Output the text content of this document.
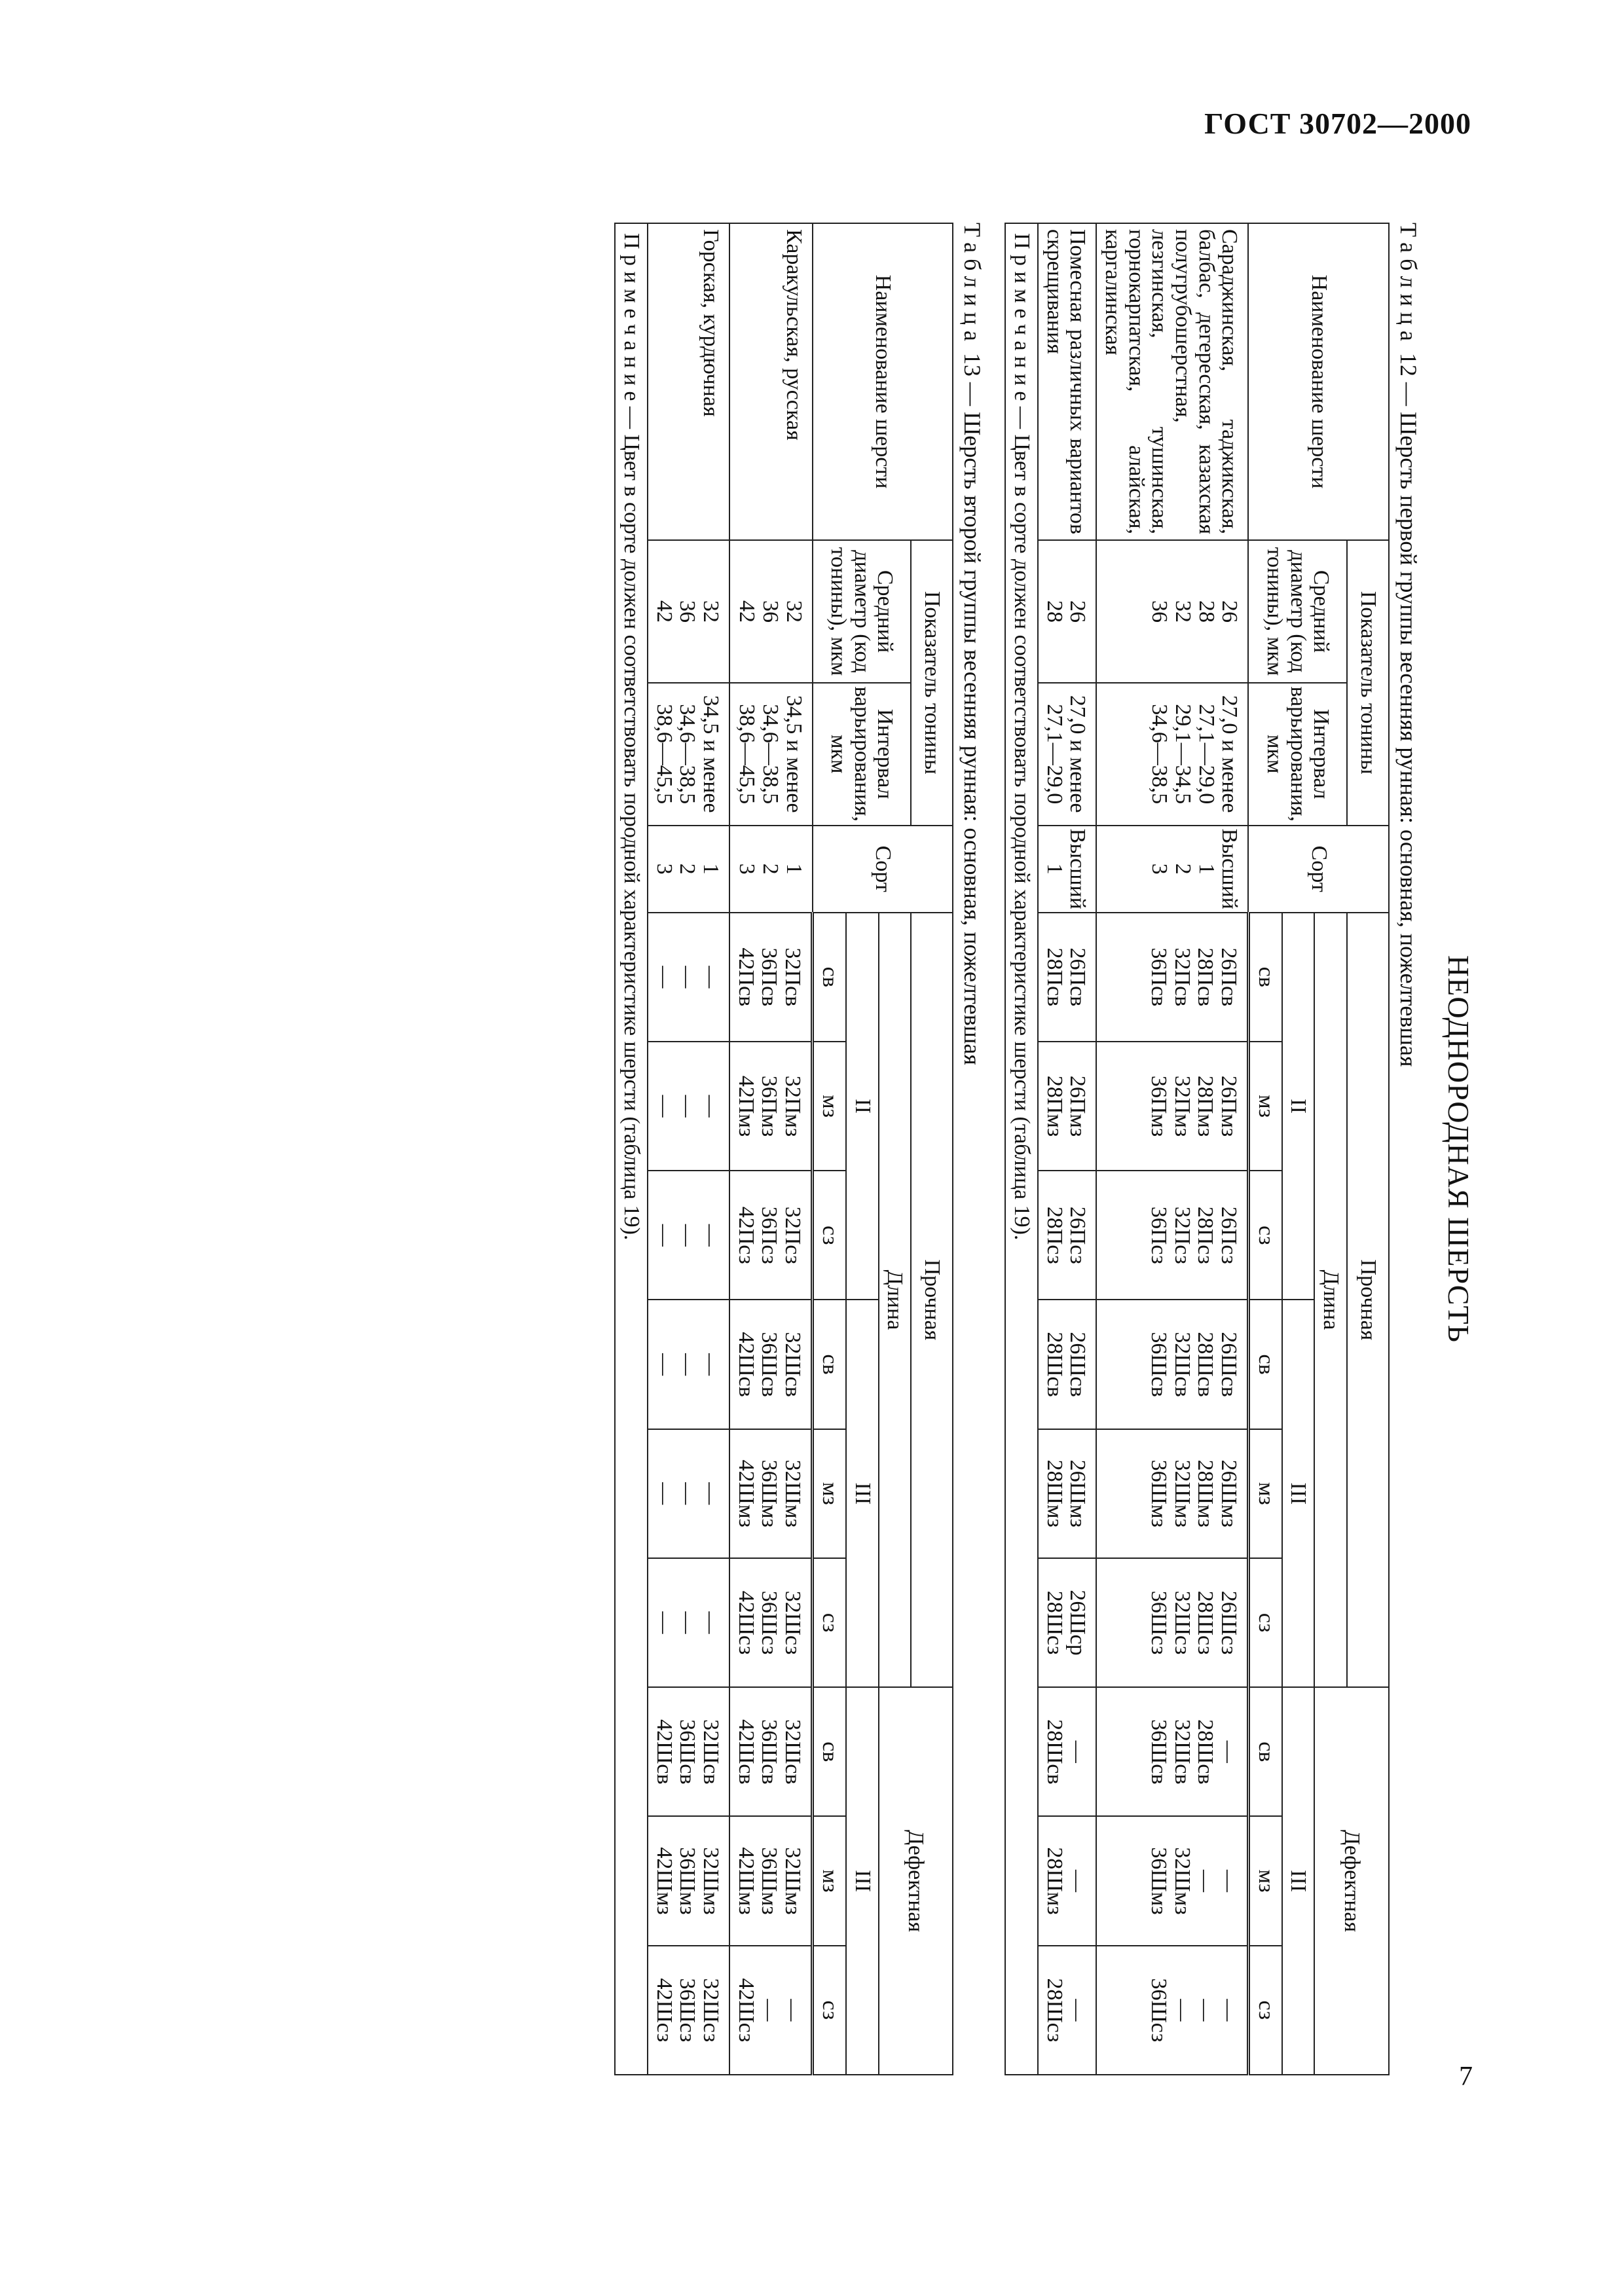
ГОСТ 30702—2000
НЕОДНОРОДНАЯ ШЕРСТЬ
Таблица 12 — Шерсть первой группы весенняя рунная: основная, пожелтевшая
Наименование шерсти	Показатель тонины		Сорт	Прочная						Дефектная		
	Средний диаметр (код тонины), мкм	Интервал варьирования, мкм		Длина								
				II			III			III		
				св	мз	сз	св	мз	сз	св	мз	сз
Сараджинская, таджикская, балбас, дегересская, казахская полугрубошерстная, лезгинская, тушинская, горнокарпатская, алайская, каргалинская	26
28
32
36	27,0 и менее
27,1—29,0
29,1—34,5
34,6—38,5	Высший
1
2
3	26Псв
28Псв
32Псв
36Псв	26Пмз
28Пмз
32Пмз
36Пмз	26Псз
28Псз
32Псз
36Псз	26Шсв
28Шсв
32Шсв
36Шсв	26Шмз
28Шмз
32Шмз
36Шмз	26Шсз
28Шсз
32Шсз
36Шсз	—
28Шсв
32Шсв
36Шсв	—
—
32Шмз
36Шмз	—
—
—
36Шсз

Помесная различных вариантов скрещивания	26
28	27,0 и менее
27,1—29,0	Высший
1	26Псв
28Псв	26Пмз
28Пмз	26Псз
28Псз	26Шсв
28Шсв	26Шмз
28Шмз	26Шср
28Шсз	—
28Шсв	—
28Шмз	—
28Шсз

П р и м е ч а н и е — Цвет в сорте должен соответствовать породной характеристике шерсти (таблица 19).												
Таблица 13 — Шерсть второй группы весенняя рунная: основная, пожелтевшая
Наименование шерсти	Показатель тонины		Сорт	Прочная						Дефектная		
	Средний диаметр (код тонины), мкм	Интервал варьирования, мкм		Длина								
				II			III			III		
				св	мз	сз	св	мз	сз	св	мз	сз
Каракульская, русская	32
36
42	34,5 и менее
34,6—38,5
38,6—45,5	1
2
3	32Псв
36Псв
42Псв	32Пмз
36Пмз
42Пмз	32Псз
36Псз
42Псз	32Шсв
36Шсв
42Шсв	32Шмз
36Шмз
42Шмз	32Шсз
36Шсз
42Шсз	32Шсв
36Шсв
42Шсв	32Шмз
36Шмз
42Шмз	—
—
42Шсз

Горская, курдючная	32
36
42	34,5 и менее
34,6—38,5
38,6—45,5	1
2
3	—
—
—	—
—
—	—
—
—	—
—
—	—
—
—	—
—
—	32Шсв
36Шсв
42Шсв	32Шмз
36Шмз
42Шмз	32Шсз
36Шсз
42Шсз

П р и м е ч а н и е — Цвет в сорте должен соответствовать породной характеристике шерсти (таблица 19).												
7
